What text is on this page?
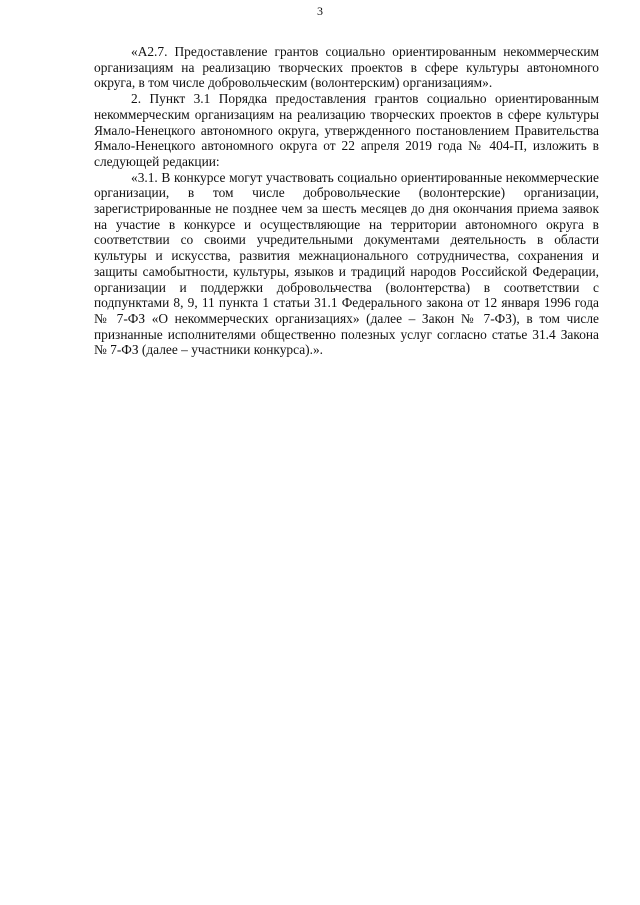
3

«А2.7. Предоставление грантов социально ориентированным некоммерческим организациям на реализацию творческих проектов в сфере культуры автономного округа, в том числе добровольческим (волонтерским) организациям».

2. Пункт 3.1 Порядка предоставления грантов социально ориентированным некоммерческим организациям на реализацию творческих проектов в сфере культуры Ямало-Ненецкого автономного округа, утвержденного постановлением Правительства Ямало-Ненецкого автономного округа от 22 апреля 2019 года № 404-П, изложить в следующей редакции:

«3.1. В конкурсе могут участвовать социально ориентированные некоммерческие организации, в том числе добровольческие (волонтерские) организации, зарегистрированные не позднее чем за шесть месяцев до дня окончания приема заявок на участие в конкурсе и осуществляющие на территории автономного округа в соответствии со своими учредительными документами деятельность в области культуры и искусства, развития межнационального сотрудничества, сохранения и защиты самобытности, культуры, языков и традиций народов Российской Федерации, организации и поддержки добровольчества (волонтерства) в соответствии с подпунктами 8, 9, 11 пункта 1 статьи 31.1 Федерального закона от 12 января 1996 года № 7-ФЗ «О некоммерческих организациях» (далее – Закон № 7-ФЗ), в том числе признанные исполнителями общественно полезных услуг согласно статье 31.4 Закона № 7-ФЗ (далее – участники конкурса).».
